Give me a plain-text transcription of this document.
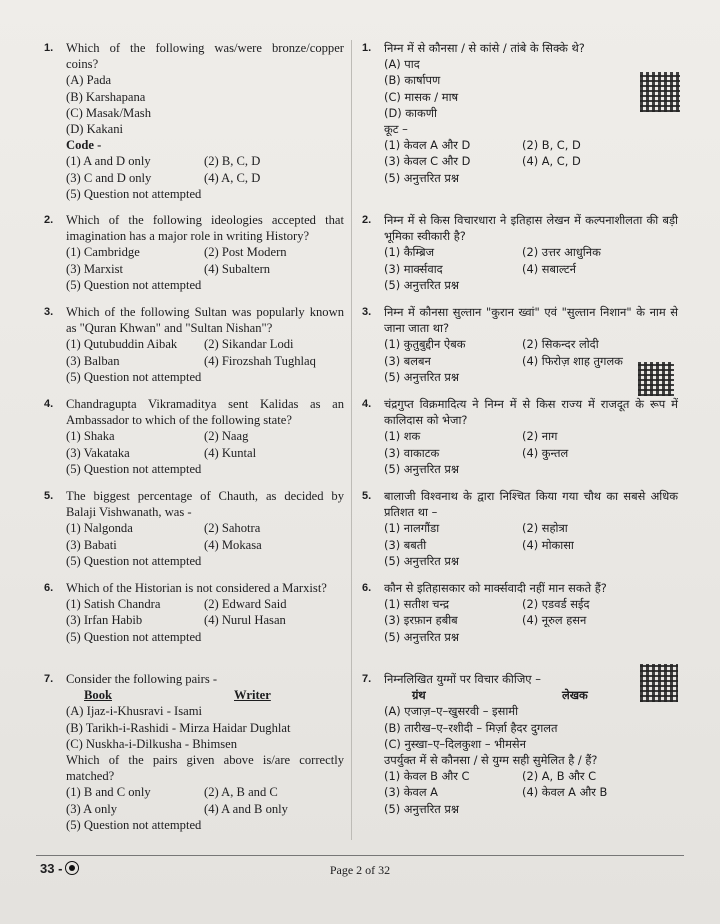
1. Which of the following was/were bronze/copper coins?
(A) Pada
(B) Karshapana
(C) Masak/Mash
(D) Kakani
Code -
(1) A and D only	(2) B, C, D
(3) C and D only	(4) A, C, D
(5) Question not attempted
2. Which of the following ideologies accepted that imagination has a major role in writing History?
(1) Cambridge	(2) Post Modern
(3) Marxist	(4) Subaltern
(5) Question not attempted
3. Which of the following Sultan was popularly known as "Quran Khwan" and "Sultan Nishan"?
(1) Qutubuddin Aibak	(2) Sikandar Lodi
(3) Balban	(4) Firozshah Tughlaq
(5) Question not attempted
4. Chandragupta Vikramaditya sent Kalidas as an Ambassador to which of the following state?
(1) Shaka	(2) Naag
(3) Vakataka	(4) Kuntal
(5) Question not attempted
5. The biggest percentage of Chauth, as decided by Balaji Vishwanath, was -
(1) Nalgonda	(2) Sahotra
(3) Babati	(4) Mokasa
(5) Question not attempted
6. Which of the Historian is not considered a Marxist?
(1) Satish Chandra	(2) Edward Said
(3) Irfan Habib	(4) Nurul Hasan
(5) Question not attempted
7. Consider the following pairs -
Book	Writer
(A) Ijaz-i-Khusravi - Isami
(B) Tarikh-i-Rashidi - Mirza Haidar Dughlat
(C) Nuskha-i-Dilkusha - Bhimsen
Which of the pairs given above is/are correctly matched?
(1) B and C only	(2) A, B and C
(3) A only	(4) A and B only
(5) Question not attempted
1. निम्न में से कौनसा / से कांसे / तांबे के सिक्के थे?
(A) पाद
(B) कार्षापण
(C) मासक / माष
(D) काकणी
कूट –
(1) केवल A और D	(2) B, C, D
(3) केवल C और D	(4) A, C, D
(5) अनुत्तरित प्रश्न
2. निम्न में से किस विचारधारा ने इतिहास लेखन में कल्पनाशीलता की बड़ी भूमिका स्वीकारी है?
(1) कैम्ब्रिज	(2) उत्तर आधुनिक
(3) मार्क्सवाद	(4) सबाल्टर्न
(5) अनुत्तरित प्रश्न
3. निम्न में कौनसा सुल्तान "कुरान ख्वां" एवं "सुल्तान निशान" के नाम से जाना जाता था?
(1) कुतुबुद्दीन ऐबक	(2) सिकन्दर लोदी
(3) बलबन	(4) फिरोज़ शाह तुगलक
(5) अनुत्तरित प्रश्न
4. चंद्रगुप्त विक्रमादित्य ने निम्न में से किस राज्य में राजदूत के रूप में कालिदास को भेजा?
(1) शक	(2) नाग
(3) वाकाटक	(4) कुन्तल
(5) अनुत्तरित प्रश्न
5. बालाजी विश्वनाथ के द्वारा निश्चित किया गया चौथ का सबसे अधिक प्रतिशत था –
(1) नालगौंडा	(2) सहोत्रा
(3) बबती	(4) मोकासा
(5) अनुत्तरित प्रश्न
6. कौन से इतिहासकार को मार्क्सवादी नहीं मान सकते हैं?
(1) सतीश चन्द्र	(2) एडवर्ड सईद
(3) इरफ़ान हबीब	(4) नूरुल हसन
(5) अनुत्तरित प्रश्न
7. निम्नलिखित युग्मों पर विचार कीजिए –
ग्रंथ	लेखक
(A) एजाज़–ए–खुसरवी – इसामी
(B) तारीख–ए–रशीदी – मिर्ज़ा हैदर दुगलत
(C) नुस्खा–ए–दिलकुशा – भीमसेन
उपर्युक्त में से कौनसा / से युग्म सही सुमेलित है / हैं?
(1) केवल B और C	(2) A, B और C
(3) केवल A	(4) केवल A और B
(5) अनुत्तरित प्रश्न
33 -	Page 2 of 32
